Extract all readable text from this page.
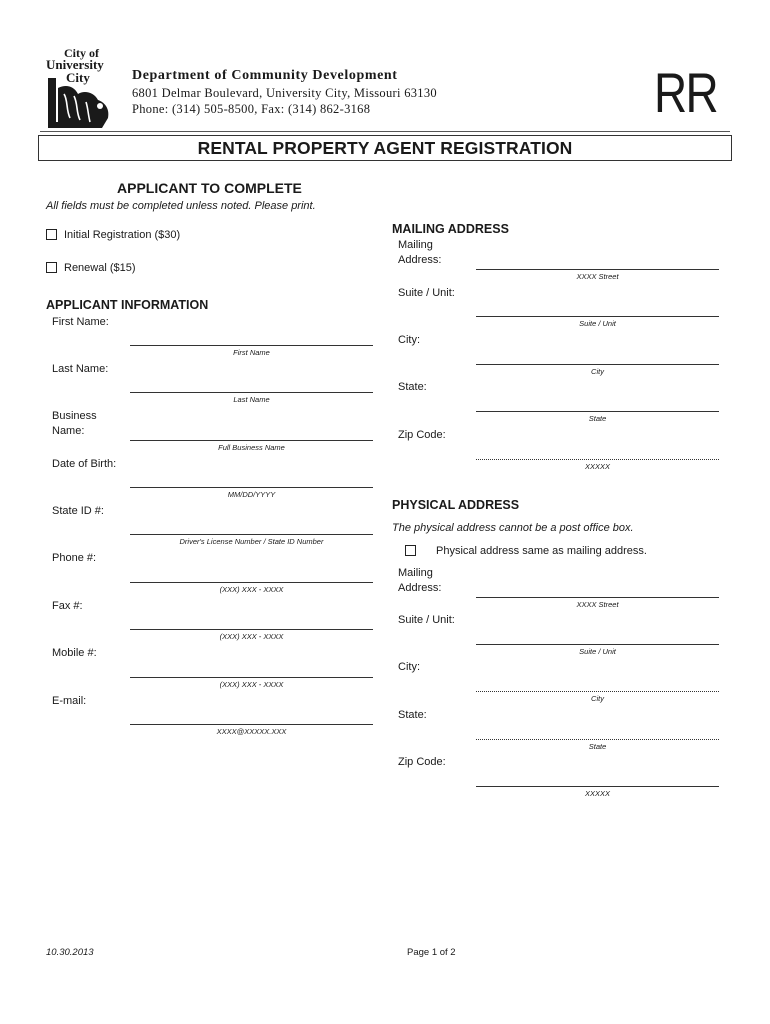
City of
University
City	Department of Community Development
6801 Delmar Boulevard, University City, Missouri 63130
Phone: (314) 505-8500, Fax: (314) 862-3168	RR
RENTAL PROPERTY AGENT REGISTRATION
APPLICANT TO COMPLETE
All fields must be completed unless noted. Please print.
Initial Registration ($30)
Renewal ($15)
APPLICANT INFORMATION
First Name:
First Name
Last Name:
Last Name
Business
Name:
Full Business Name
Date of Birth:
MM/DD/YYYY
State ID #:
Driver's License Number / State ID Number
Phone #:
(XXX) XXX - XXXX
Fax #:
(XXX) XXX - XXXX
Mobile #:
(XXX) XXX - XXXX
E-mail:
XXXX@XXXXX.XXX
MAILING ADDRESS
Mailing
Address:
XXXX Street
Suite / Unit:
Suite / Unit
City:
City
State:
State
Zip Code:
XXXXX
PHYSICAL ADDRESS
The physical address cannot be a post office box.
Physical address same as mailing address.
Mailing
Address:
XXXX Street
Suite / Unit:
Suite / Unit
City:
City
State:
State
Zip Code:
XXXXX
10.30.2013	Page 1 of 2
